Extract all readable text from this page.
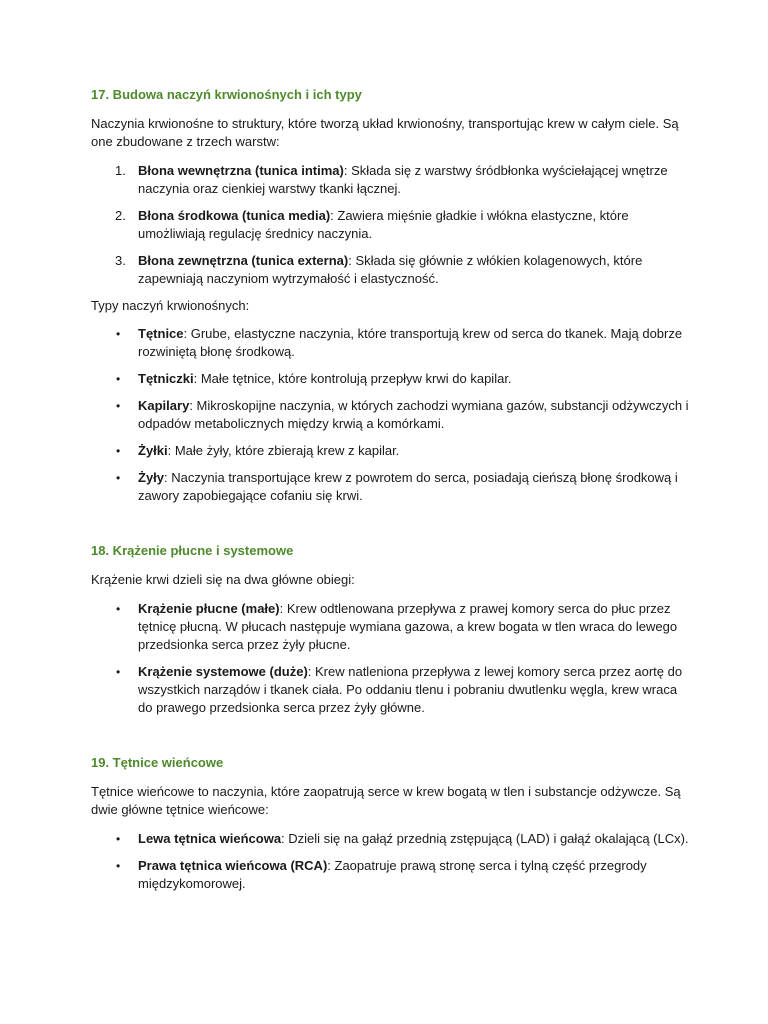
17. Budowa naczyń krwionośnych i ich typy

Naczynia krwionośne to struktury, które tworzą układ krwionośny, transportując krew w całym ciele. Są one zbudowane z trzech warstw:

1. Błona wewnętrzna (tunica intima): Składa się z warstwy śródbłonka wyściełającej wnętrze naczynia oraz cienkiej warstwy tkanki łącznej.
2. Błona środkowa (tunica media): Zawiera mięśnie gładkie i włókna elastyczne, które umożliwiają regulację średnicy naczynia.
3. Błona zewnętrzna (tunica externa): Składa się głównie z włókien kolagenowych, które zapewniają naczyniom wytrzymałość i elastyczność.

Typy naczyń krwionośnych:

• Tętnice: Grube, elastyczne naczynia, które transportują krew od serca do tkanek. Mają dobrze rozwiniętą błonę środkową.
• Tętniczki: Małe tętnice, które kontrolują przepływ krwi do kapilar.
• Kapilary: Mikroskopijne naczynia, w których zachodzi wymiana gazów, substancji odżywczych i odpadów metabolicznych między krwią a komórkami.
• Żyłki: Małe żyły, które zbierają krew z kapilar.
• Żyły: Naczynia transportujące krew z powrotem do serca, posiadają cieńszą błonę środkową i zawory zapobiegające cofaniu się krwi.
18. Krążenie płucne i systemowe

Krążenie krwi dzieli się na dwa główne obiegi:

• Krążenie płucne (małe): Krew odtlenowana przepływa z prawej komory serca do płuc przez tętnicę płucną. W płucach następuje wymiana gazowa, a krew bogata w tlen wraca do lewego przedsionka serca przez żyły płucne.
• Krążenie systemowe (duże): Krew natleniona przepływa z lewej komory serca przez aortę do wszystkich narządów i tkanek ciała. Po oddaniu tlenu i pobraniu dwutlenku węgla, krew wraca do prawego przedsionka serca przez żyły główne.
19. Tętnice wieńcowe

Tętnice wieńcowe to naczynia, które zaopatrują serce w krew bogatą w tlen i substancje odżywcze. Są dwie główne tętnice wieńcowe:

• Lewa tętnica wieńcowa: Dzieli się na gałąź przednią zstępującą (LAD) i gałąź okalającą (LCx).
• Prawa tętnica wieńcowa (RCA): Zaopatruje prawą stronę serca i tylną część przegrody międzykomorowej.
